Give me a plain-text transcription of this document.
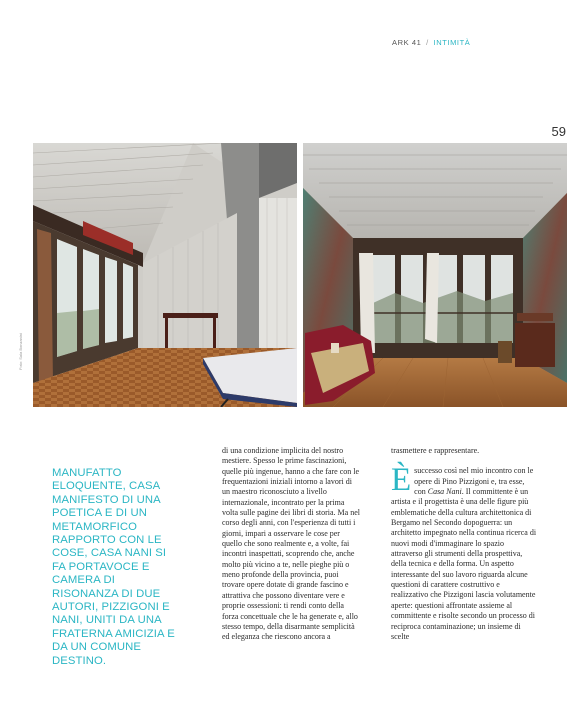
ARK 41 / INTIMITÀ
59
Foto: Sala Bonzanini
MANUFATTO ELOQUENTE, CASA MANIFESTO DI UNA POETICA E DI UN METAMORFICO RAPPORTO CON LE COSE, CASA NANI SI FA PORTAVOCE E CAMERA DI RISONANZA DI DUE AUTORI, PIZZIGONI E NANI, UNITI DA UNA FRATERNA AMICIZIA E DA UN COMUNE DESTINO.

di una condizione implicita del nostro mestiere. Spesso le prime fascinazioni, quelle più ingenue, hanno a che fare con le frequentazioni iniziali intorno a lavori di un maestro riconosciuto a livello internazionale, incontrato per la prima volta sulle pagine dei libri di storia. Ma nel corso degli anni, con l'esperienza di tutti i giorni, impari a osservare le cose per quello che sono realmente e, a volte, fai incontri inaspettati, scoprendo che, anche molto più vicino a te, nelle pieghe più o meno profonde della provincia, puoi trovare opere dotate di grande fascino e attrattiva che possono diventare vere e proprie ossessioni: ti rendi conto della forza concettuale che le ha generate e, allo stesso tempo, della disarmante semplicità ed eleganza che riescono ancora a

trasmettere e rappresentare.

Èsuccesso così nel mio incontro con le opere di Pino Pizzigoni e, tra esse, con Casa Nani. Il committente è un artista e il progettista è una delle figure più emblematiche della cultura architettonica di Bergamo nel Secondo dopoguerra: un architetto impegnato nella continua ricerca di nuovi modi d'immaginare lo spazio attraverso gli strumenti della prospettiva, della tecnica e della forma. Un aspetto interessante del suo lavoro riguarda alcune questioni di carattere costruttivo e realizzativo che Pizzigoni lascia volutamente aperte: questioni affrontate assieme al committente e risolte secondo un processo di reciproca contaminazione; un insieme di scelte
